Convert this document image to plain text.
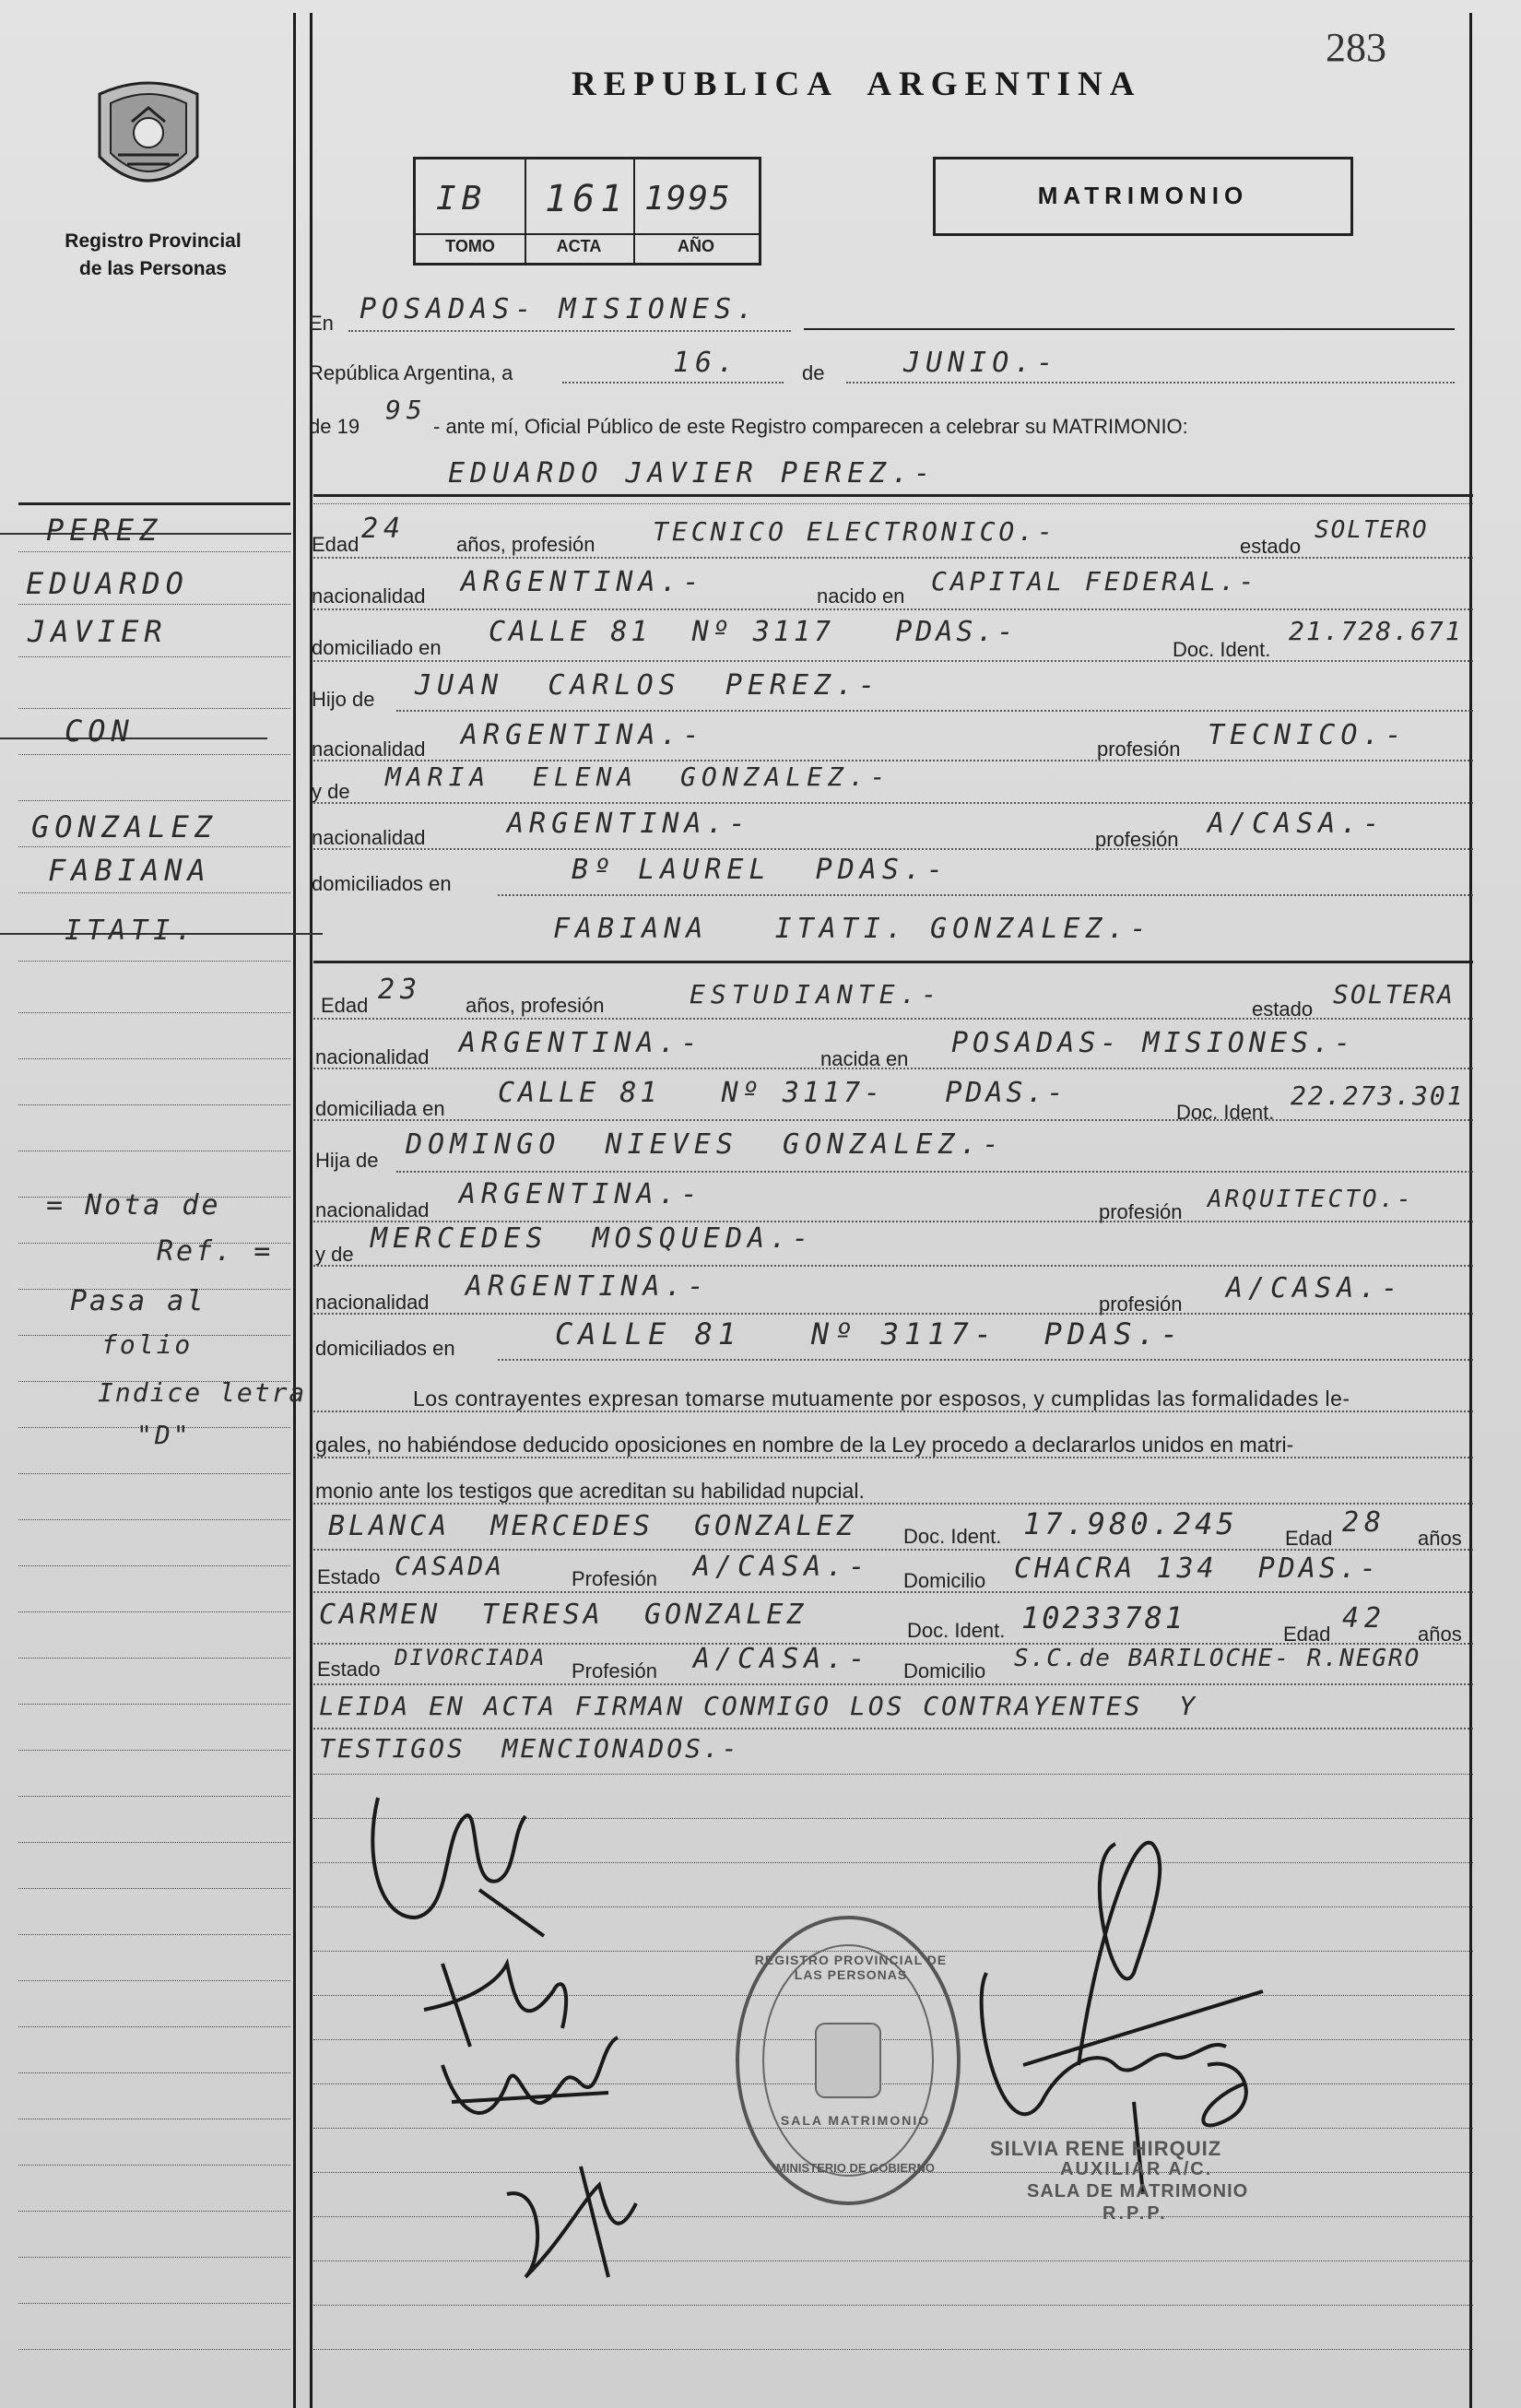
283
Registro Provincial
de las Personas
REPUBLICA  ARGENTINA
IB 161 1995
TOMO	ACTA	AÑO
MATRIMONIO
PEREZ
EDUARDO
JAVIER
CON
GONZALEZ
FABIANA
ITATI.
= Nota de
Ref. =
Pasa al
folio
Indice letra
"D"
En POSADAS- MISIONES.
República Argentina, a	16.	de	JUNIO.-
de 19
95
- ante mí, Oficial Público de este Registro comparecen a celebrar su MATRIMONIO:
EDUARDO JAVIER PEREZ.-
Edad 24 años, profesión TECNICO ELECTRONICO.-	estado
SOLTERO
nacionalidad ARGENTINA.-	nacido en CAPITAL FEDERAL.-
domiciliado en CALLE 81  Nº 3117   PDAS.-
Doc. Ident.
21.728.671
Hijo de JUAN  CARLOS  PEREZ.-
nacionalidad ARGENTINA.-	profesión TECNICO.-
y de MARIA  ELENA  GONZALEZ.-
nacionalidad	ARGENTINA.-	profesión A/CASA.-
domiciliados en	Bº LAUREL  PDAS.-
FABIANA   ITATI. GONZALEZ.-
Edad 23 años, profesión	ESTUDIANTE.-	estado SOLTERA
nacionalidad ARGENTINA.-	nacida en POSADAS- MISIONES.-
domiciliada en CALLE 81   Nº 3117-   PDAS.-
Doc. Ident.
22.273.301
Hija de DOMINGO  NIEVES  GONZALEZ.-
nacionalidad ARGENTINA.-
profesión ARQUITECTO.-
y de MERCEDES  MOSQUEDA.-
nacionalidad ARGENTINA.-
profesión A/CASA.-
domiciliados en	CALLE 81   Nº 3117-  PDAS.-
Los contrayentes expresan tomarse mutuamente por esposos, y cumplidas las formalidades le-
gales, no habiéndose deducido oposiciones en nombre de la Ley procedo a declararlos unidos en matri-
monio ante los testigos que acreditan su habilidad nupcial.
BLANCA  MERCEDES  GONZALEZ Doc. Ident. 17.980.245 Edad 28 años
Estado CASADA	Profesión A/CASA.- Domicilio CHACRA 134  PDAS.-
CARMEN  TERESA  GONZALEZ	Doc. Ident. 10233781	Edad 42 años
Estado DIVORCIADA
Profesión A/CASA.- Domicilio S.C.de BARILOCHE- R.NEGRO
LEIDA EN ACTA FIRMAN CONMIGO LOS CONTRAYENTES  Y
TESTIGOS  MENCIONADOS.-
REGISTRO PROVINCIAL DE LAS PERSONAS
SALA MATRIMONIO
MINISTERIO DE GOBIERNO
SILVIA RENE HIRQUIZ
AUXILIAR A/C.
SALA DE MATRIMONIO
R.P.P.
